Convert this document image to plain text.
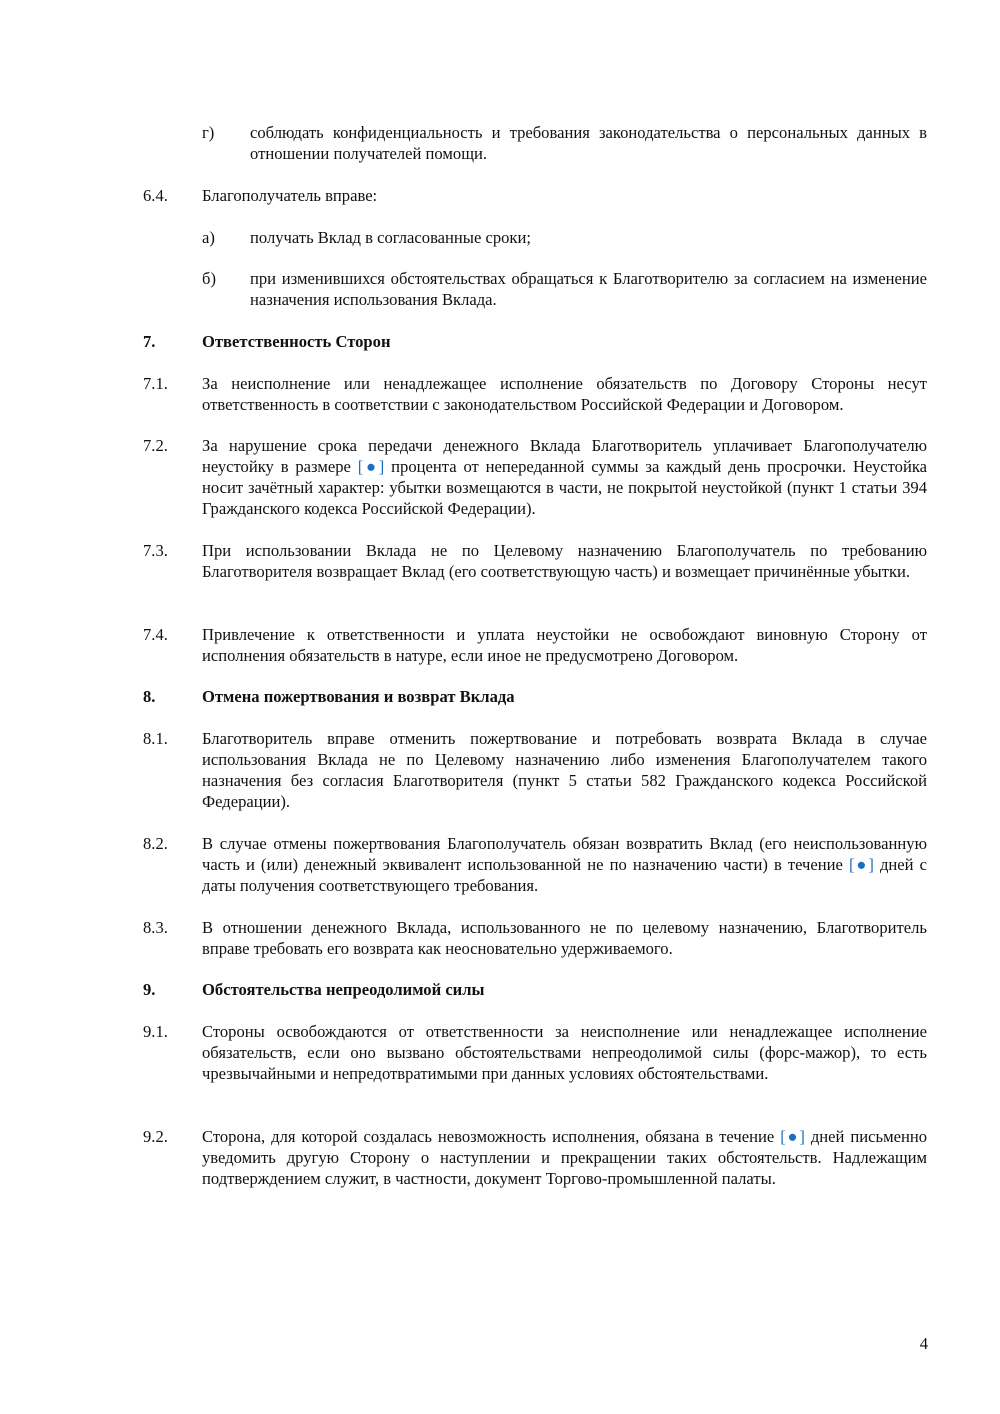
г) соблюдать конфиденциальность и требования законодательства о персональных данных в отношении получателей помощи.
6.4. Благополучатель вправе:
а) получать Вклад в согласованные сроки;
б) при изменившихся обстоятельствах обращаться к Благотворителю за согласием на изменение назначения использования Вклада.
7.	Ответственность Сторон
7.1. За неисполнение или ненадлежащее исполнение обязательств по Договору Стороны несут ответственность в соответствии с законодательством Российской Федерации и Договором.
7.2. За нарушение срока передачи денежного Вклада Благотворитель уплачивает Благополучателю неустойку в размере [●] процента от непереданной суммы за каждый день просрочки. Неустойка носит зачётный характер: убытки возмещаются в части, не покрытой неустойкой (пункт 1 статьи 394 Гражданского кодекса Российской Федерации).
7.3. При использовании Вклада не по Целевому назначению Благополучатель по требованию Благотворителя возвращает Вклад (его соответствующую часть) и возмещает причинённые убытки.
7.4. Привлечение к ответственности и уплата неустойки не освобождают виновную Сторону от исполнения обязательств в натуре, если иное не предусмотрено Договором.
8.	Отмена пожертвования и возврат Вклада
8.1. Благотворитель вправе отменить пожертвование и потребовать возврата Вклада в случае использования Вклада не по Целевому назначению либо изменения Благополучателем такого назначения без согласия Благотворителя (пункт 5 статьи 582 Гражданского кодекса Российской Федерации).
8.2. В случае отмены пожертвования Благополучатель обязан возвратить Вклад (его неиспользованную часть и (или) денежный эквивалент использованной не по назначению части) в течение [●] дней с даты получения соответствующего требования.
8.3. В отношении денежного Вклада, использованного не по целевому назначению, Благотворитель вправе требовать его возврата как неосновательно удерживаемого.
9.	Обстоятельства непреодолимой силы
9.1. Стороны освобождаются от ответственности за неисполнение или ненадлежащее исполнение обязательств, если оно вызвано обстоятельствами непреодолимой силы (форс-мажор), то есть чрезвычайными и непредотвратимыми при данных условиях обстоятельствами.
9.2. Сторона, для которой создалась невозможность исполнения, обязана в течение [●] дней письменно уведомить другую Сторону о наступлении и прекращении таких обстоятельств. Надлежащим подтверждением служит, в частности, документ Торгово-промышленной палаты.
4
